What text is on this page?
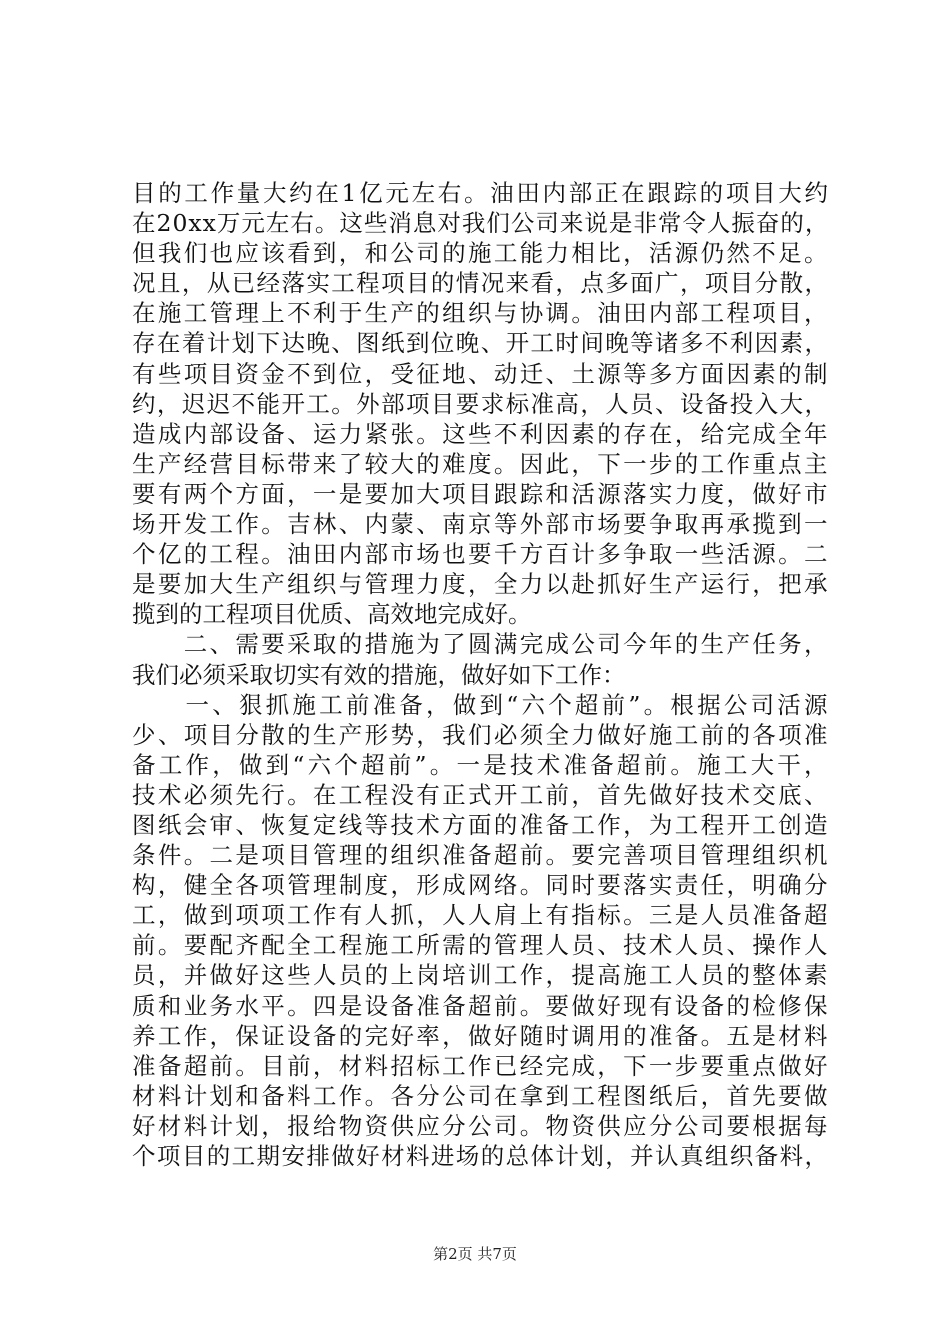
目的工作量大约在1亿元左右。油田内部正在跟踪的项目大约
在20xx万元左右。这些消息对我们公司来说是非常令人振奋的，
但我们也应该看到，和公司的施工能力相比，活源仍然不足。
况且，从已经落实工程项目的情况来看，点多面广，项目分散，
在施工管理上不利于生产的组织与协调。油田内部工程项目，
存在着计划下达晚、图纸到位晚、开工时间晚等诸多不利因素，
有些项目资金不到位，受征地、动迁、土源等多方面因素的制
约，迟迟不能开工。外部项目要求标准高，人员、设备投入大，
造成内部设备、运力紧张。这些不利因素的存在，给完成全年
生产经营目标带来了较大的难度。因此，下一步的工作重点主
要有两个方面，一是要加大项目跟踪和活源落实力度，做好市
场开发工作。吉林、内蒙、南京等外部市场要争取再承揽到一
个亿的工程。油田内部市场也要千方百计多争取一些活源。二
是要加大生产组织与管理力度，全力以赴抓好生产运行，把承
揽到的工程项目优质、高效地完成好。
　　二、需要采取的措施为了圆满完成公司今年的生产任务，
我们必须采取切实有效的措施，做好如下工作：
　　一、狠抓施工前准备，做到“六个超前”。根据公司活源
少、项目分散的生产形势，我们必须全力做好施工前的各项准
备工作，做到“六个超前”。一是技术准备超前。施工大干，
技术必须先行。在工程没有正式开工前，首先做好技术交底、
图纸会审、恢复定线等技术方面的准备工作，为工程开工创造
条件。二是项目管理的组织准备超前。要完善项目管理组织机
构，健全各项管理制度，形成网络。同时要落实责任，明确分
工，做到项项工作有人抓，人人肩上有指标。三是人员准备超
前。要配齐配全工程施工所需的管理人员、技术人员、操作人
员，并做好这些人员的上岗培训工作，提高施工人员的整体素
质和业务水平。四是设备准备超前。要做好现有设备的检修保
养工作，保证设备的完好率，做好随时调用的准备。五是材料
准备超前。目前，材料招标工作已经完成，下一步要重点做好
材料计划和备料工作。各分公司在拿到工程图纸后，首先要做
好材料计划，报给物资供应分公司。物资供应分公司要根据每
个项目的工期安排做好材料进场的总体计划，并认真组织备料，
第2页 共7页
